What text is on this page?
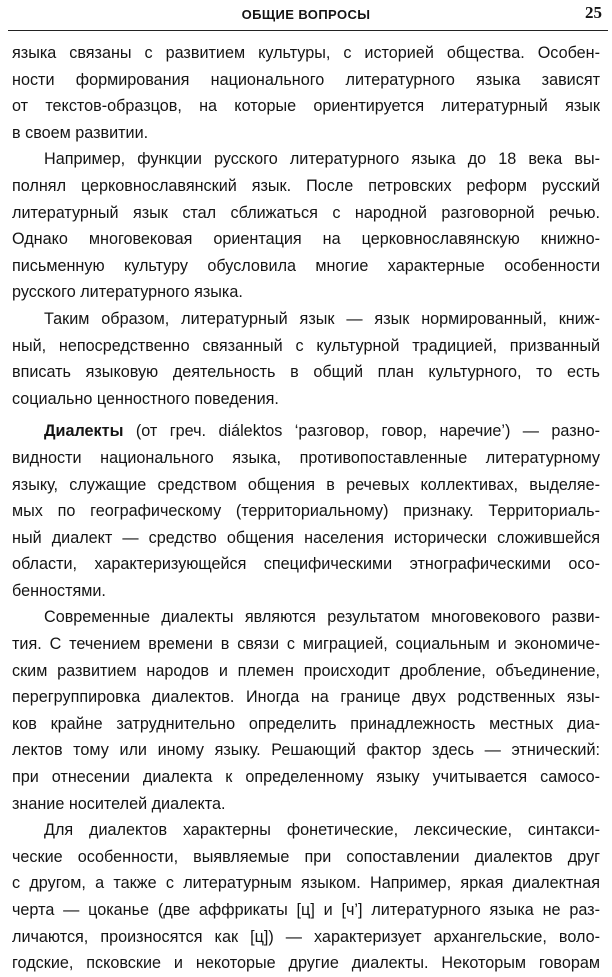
ОБЩИЕ ВОПРОСЫ	25
языка связаны с развитием культуры, с историей общества. Особен-
ности формирования национального литературного языка зависят
от текстов-образцов, на которые ориентируется литературный язык
в своем развитии.
Например, функции русского литературного языка до 18 века вы-
полнял церковнославянский язык. После петровских реформ русский
литературный язык стал сближаться с народной разговорной речью.
Однако многовековая ориентация на церковнославянскую книжно-
письменную культуру обусловила многие характерные особенности
русского литературного языка.
Таким образом, литературный язык — язык нормированный, книж-
ный, непосредственно связанный с культурной традицией, призванный
вписать языковую деятельность в общий план культурного, то есть
социально ценностного поведения.
Диалекты (от греч. diálektos ‘разговор, говор, наречие’) — разно-
видности национального языка, противопоставленные литературному
языку, служащие средством общения в речевых коллективах, выделяе-
мых по географическому (территориальному) признаку. Территориаль-
ный диалект — средство общения населения исторически сложившейся
области, характеризующейся специфическими этнографическими осо-
бенностями.
Современные диалекты являются результатом многовекового разви-
тия. С течением времени в связи с миграцией, социальным и экономиче-
ским развитием народов и племен происходит дробление, объединение,
перегруппировка диалектов. Иногда на границе двух родственных язы-
ков крайне затруднительно определить принадлежность местных диа-
лектов тому или иному языку. Решающий фактор здесь — этнический:
при отнесении диалекта к определенному языку учитывается самосо-
знание носителей диалекта.
Для диалектов характерны фонетические, лексические, синтакси-
ческие особенности, выявляемые при сопоставлении диалектов друг
с другом, а также с литературным языком. Например, яркая диалектная
черта — цоканье (две аффрикаты [ц] и [ч’] литературного языка не раз-
личаются, произносятся как [ц]) — характеризует архангельские, воло-
годские, псковские и некоторые другие диалекты. Некоторым говорам
